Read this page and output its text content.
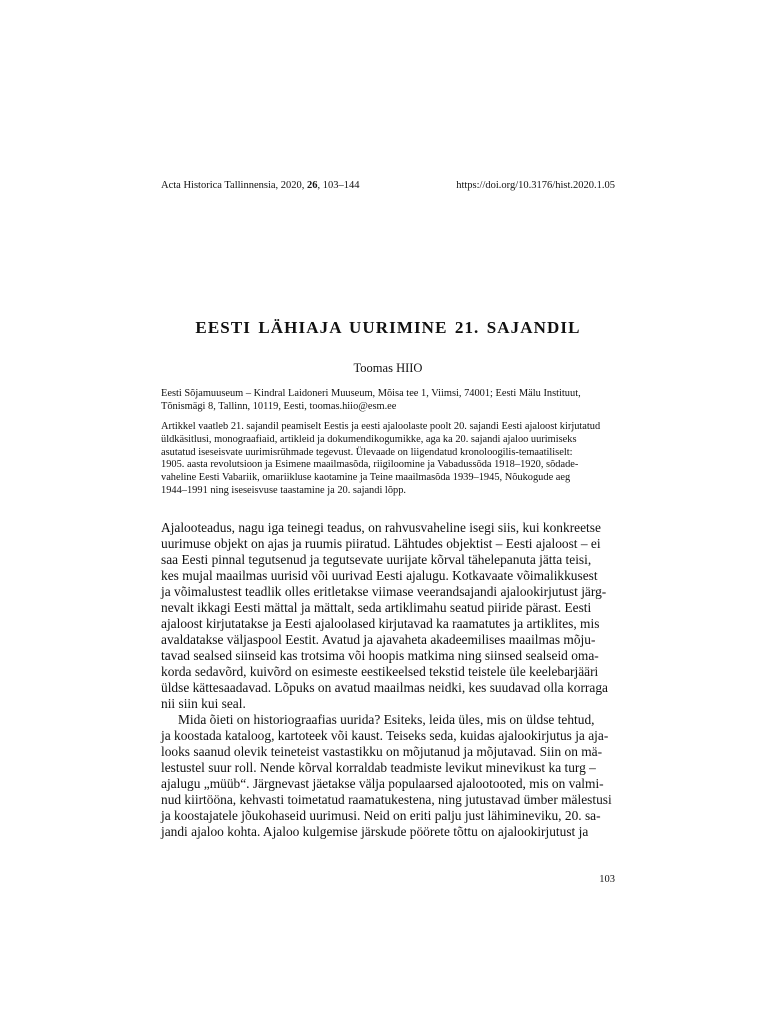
Acta Historica Tallinnensia, 2020, 26, 103–144	https://doi.org/10.3176/hist.2020.1.05
EESTI LÄHIAJA UURIMINE 21. SAJANDIL
Toomas HIIO
Eesti Sõjamuuseum – Kindral Laidoneri Muuseum, Mõisa tee 1, Viimsi, 74001; Eesti Mälu Instituut,
Tõnismägi 8, Tallinn, 10119, Eesti, toomas.hiio@esm.ee
Artikkel vaatleb 21. sajandil peamiselt Eestis ja eesti ajaloolaste poolt 20. sajandi Eesti ajaloost kirjutatud
üldkäsitlusi, monograafiaid, artikleid ja dokumendikogumikke, aga ka 20. sajandi ajaloo uurimiseks
asutatud iseseisvate uurimisrühmade tegevust. Ülevaade on liigendatud kronoloogilis-temaatiliselt:
1905. aasta revolutsioon ja Esimene maailmasõda, riigiloomine ja Vabadussõda 1918–1920, sõdade-
vaheline Eesti Vabariik, omariikluse kaotamine ja Teine maailmasõda 1939–1945, Nõukogude aeg
1944–1991 ning iseseisvuse taastamine ja 20. sajandi lõpp.
Ajalooteadus, nagu iga teinegi teadus, on rahvusvaheline isegi siis, kui konkreetse
uurimuse objekt on ajas ja ruumis piiratud. Lähtudes objektist – Eesti ajaloost – ei
saa Eesti pinnal tegutsenud ja tegutsevate uurijate kõrval tähelepanuta jätta teisi,
kes mujal maailmas uurisid või uurivad Eesti ajalugu. Kotkavaate võimalikkusest
ja võimalustest teadlik olles eritletakse viimase veerandsajandi ajalookirjutust järg-
nevalt ikkagi Eesti mättal ja mättalt, seda artiklimahu seatud piiride pärast. Eesti
ajaloost kirjutatakse ja Eesti ajaloolased kirjutavad ka raamatutes ja artiklites, mis
avaldatakse väljaspool Eestit. Avatud ja ajavaheta akadeemilises maailmas mõju-
tavad sealsed siinseid kas trotsima või hoopis matkima ning siinsed sealseid oma-
korda sedavõrd, kuivõrd on esimeste eestikeelsed tekstid teistele üle keelebarjääri
üldse kättesaadavad. Lõpuks on avatud maailmas neidki, kes suudavad olla korraga
nii siin kui seal.
Mida õieti on historiograafias uurida? Esiteks, leida üles, mis on üldse tehtud,
ja koostada kataloog, kartoteek või kaust. Teiseks seda, kuidas ajalookirjutus ja aja-
looks saanud olevik teineteist vastastikku on mõjutanud ja mõjutavad. Siin on mä-
lestustel suur roll. Nende kõrval korraldab teadmiste levikut minevikust ka turg –
ajalugu „müüb“. Järgnevast jäetakse välja populaarsed ajalootooted, mis on valmi-
nud kiirtööna, kehvasti toimetatud raamatukestena, ning jutustavad ümber mälestusi
ja koostajatele jõukohaseid uurimusi. Neid on eriti palju just lähimineviku, 20. sa-
jandi ajaloo kohta. Ajaloo kulgemise järskude pöörete tõttu on ajalookirjutust ja
103
